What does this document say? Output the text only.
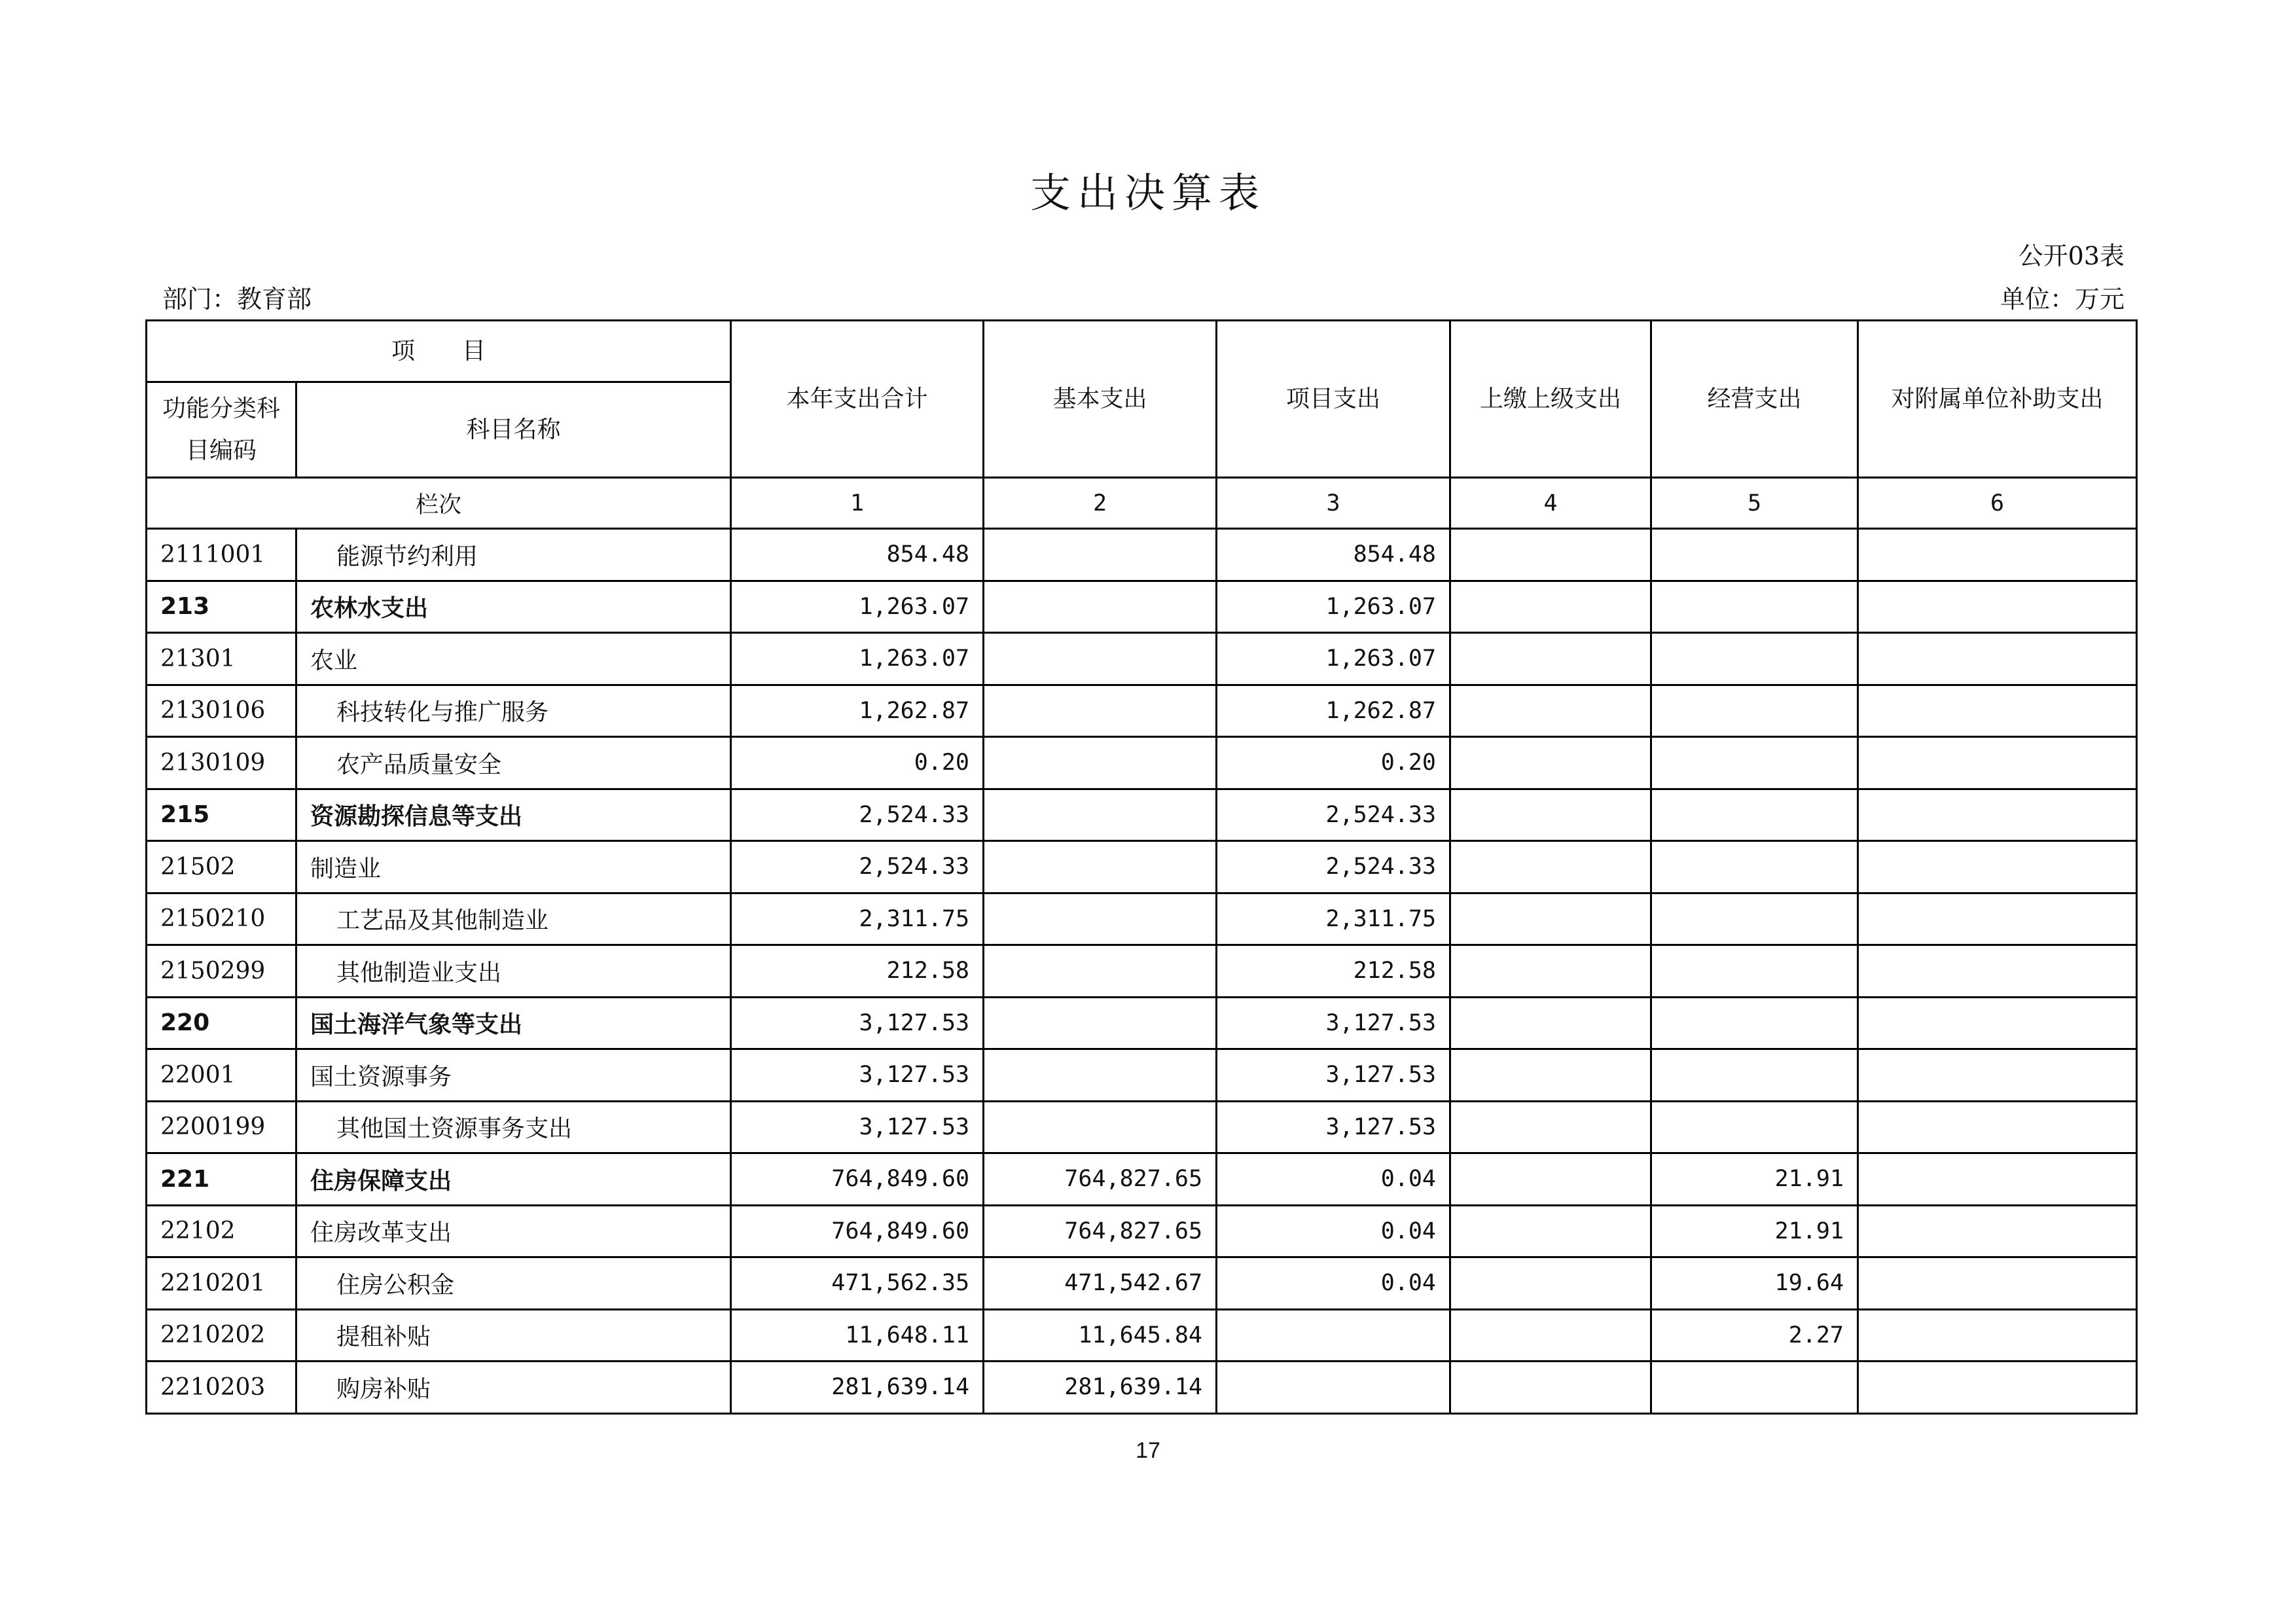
支出决算表
公开03表
部门：教育部	单位：万元
项　　目		本年支出合计	基本支出	项目支出	上缴上级支出	经营支出	对附属单位补助支出
功能分类科目编码	科目名称						
栏次		1	2	3	4	5	6
2111001	能源节约利用	854.48		854.48			
213	农林水支出	1,263.07		1,263.07			
21301	农业	1,263.07		1,263.07			
2130106	科技转化与推广服务	1,262.87		1,262.87			
2130109	农产品质量安全	0.20		0.20			
215	资源勘探信息等支出	2,524.33		2,524.33			
21502	制造业	2,524.33		2,524.33			
2150210	工艺品及其他制造业	2,311.75		2,311.75			
2150299	其他制造业支出	212.58		212.58			
220	国土海洋气象等支出	3,127.53		3,127.53			
22001	国土资源事务	3,127.53		3,127.53			
2200199	其他国土资源事务支出	3,127.53		3,127.53			
221	住房保障支出	764,849.60	764,827.65	0.04		21.91	
22102	住房改革支出	764,849.60	764,827.65	0.04		21.91	
2210201	住房公积金	471,562.35	471,542.67	0.04		19.64	
2210202	提租补贴	11,648.11	11,645.84			2.27	
2210203	购房补贴	281,639.14	281,639.14				
17
